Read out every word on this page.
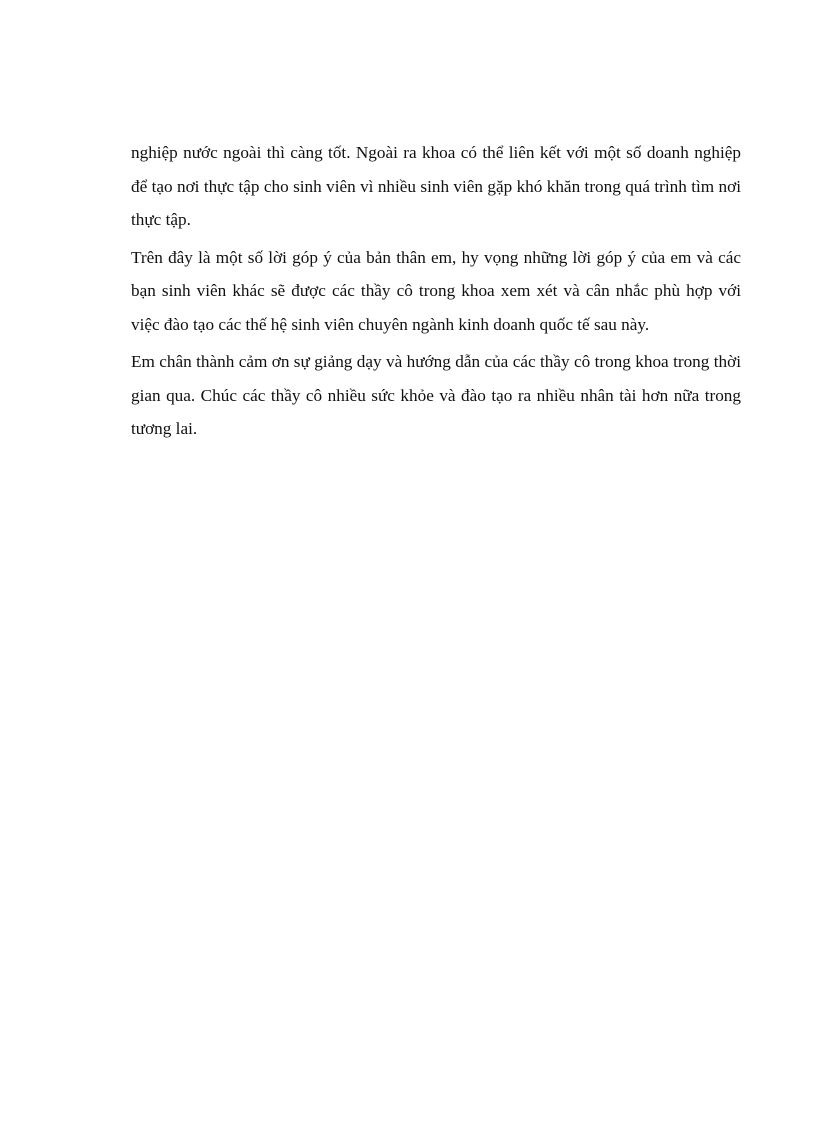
nghiệp nước ngoài thì càng tốt. Ngoài ra khoa có thể liên kết với một số doanh nghiệp để tạo nơi thực tập cho sinh viên vì nhiều sinh viên gặp khó khăn trong quá trình tìm nơi thực tập.

Trên đây là một số lời góp ý của bản thân em, hy vọng những lời góp ý của em và các bạn sinh viên khác sẽ được các thầy cô trong khoa xem xét và cân nhắc phù hợp với việc đào tạo các thế hệ sinh viên chuyên ngành kinh doanh quốc tế sau này.

Em chân thành cảm ơn sự giảng dạy và hướng dẫn của các thầy cô trong khoa trong thời gian qua. Chúc các thầy cô nhiều sức khỏe và đào tạo ra nhiều nhân tài hơn nữa trong tương lai.
